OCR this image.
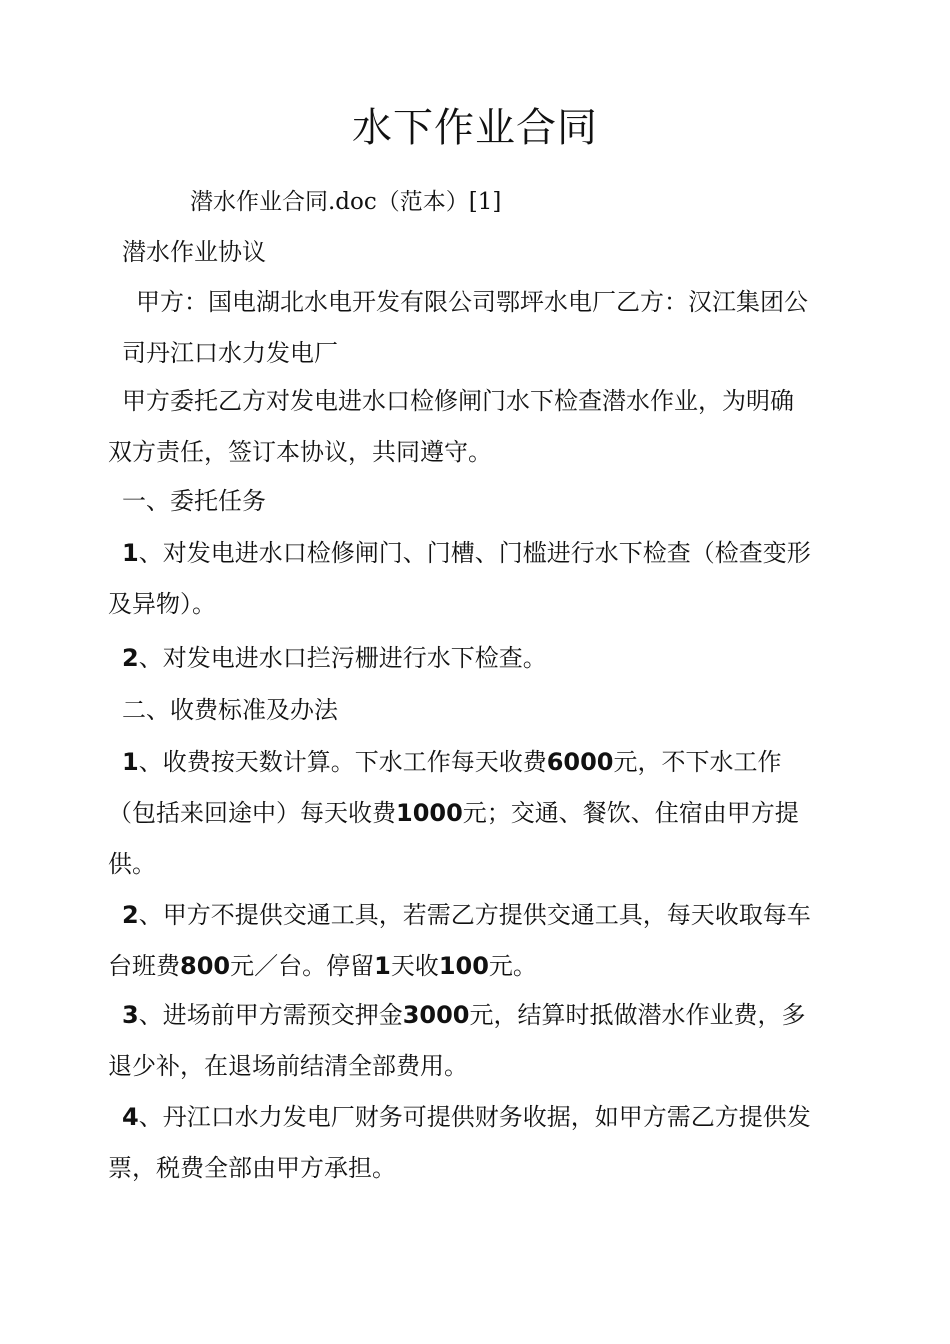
水下作业合同
潜水作业合同.doc（范本）[1]
潜水作业协议
甲方：国电湖北水电开发有限公司鄂坪水电厂乙方：汉江集团公
司丹江口水力发电厂
甲方委托乙方对发电进水口检修闸门水下检查潜水作业，为明确
双方责任，签订本协议，共同遵守。
一、委托任务
1、对发电进水口检修闸门、门槽、门槛进行水下检查（检查变形
及异物）。
2、对发电进水口拦污栅进行水下检查。
二、收费标准及办法
1、收费按天数计算。下水工作每天收费6000元，不下水工作
（包括来回途中）每天收费1000元；交通、餐饮、住宿由甲方提
供。
2、甲方不提供交通工具，若需乙方提供交通工具，每天收取每车
台班费800元／台。停留1天收100元。
3、进场前甲方需预交押金3000元，结算时抵做潜水作业费，多
退少补，在退场前结清全部费用。
4、丹江口水力发电厂财务可提供财务收据，如甲方需乙方提供发
票，税费全部由甲方承担。
